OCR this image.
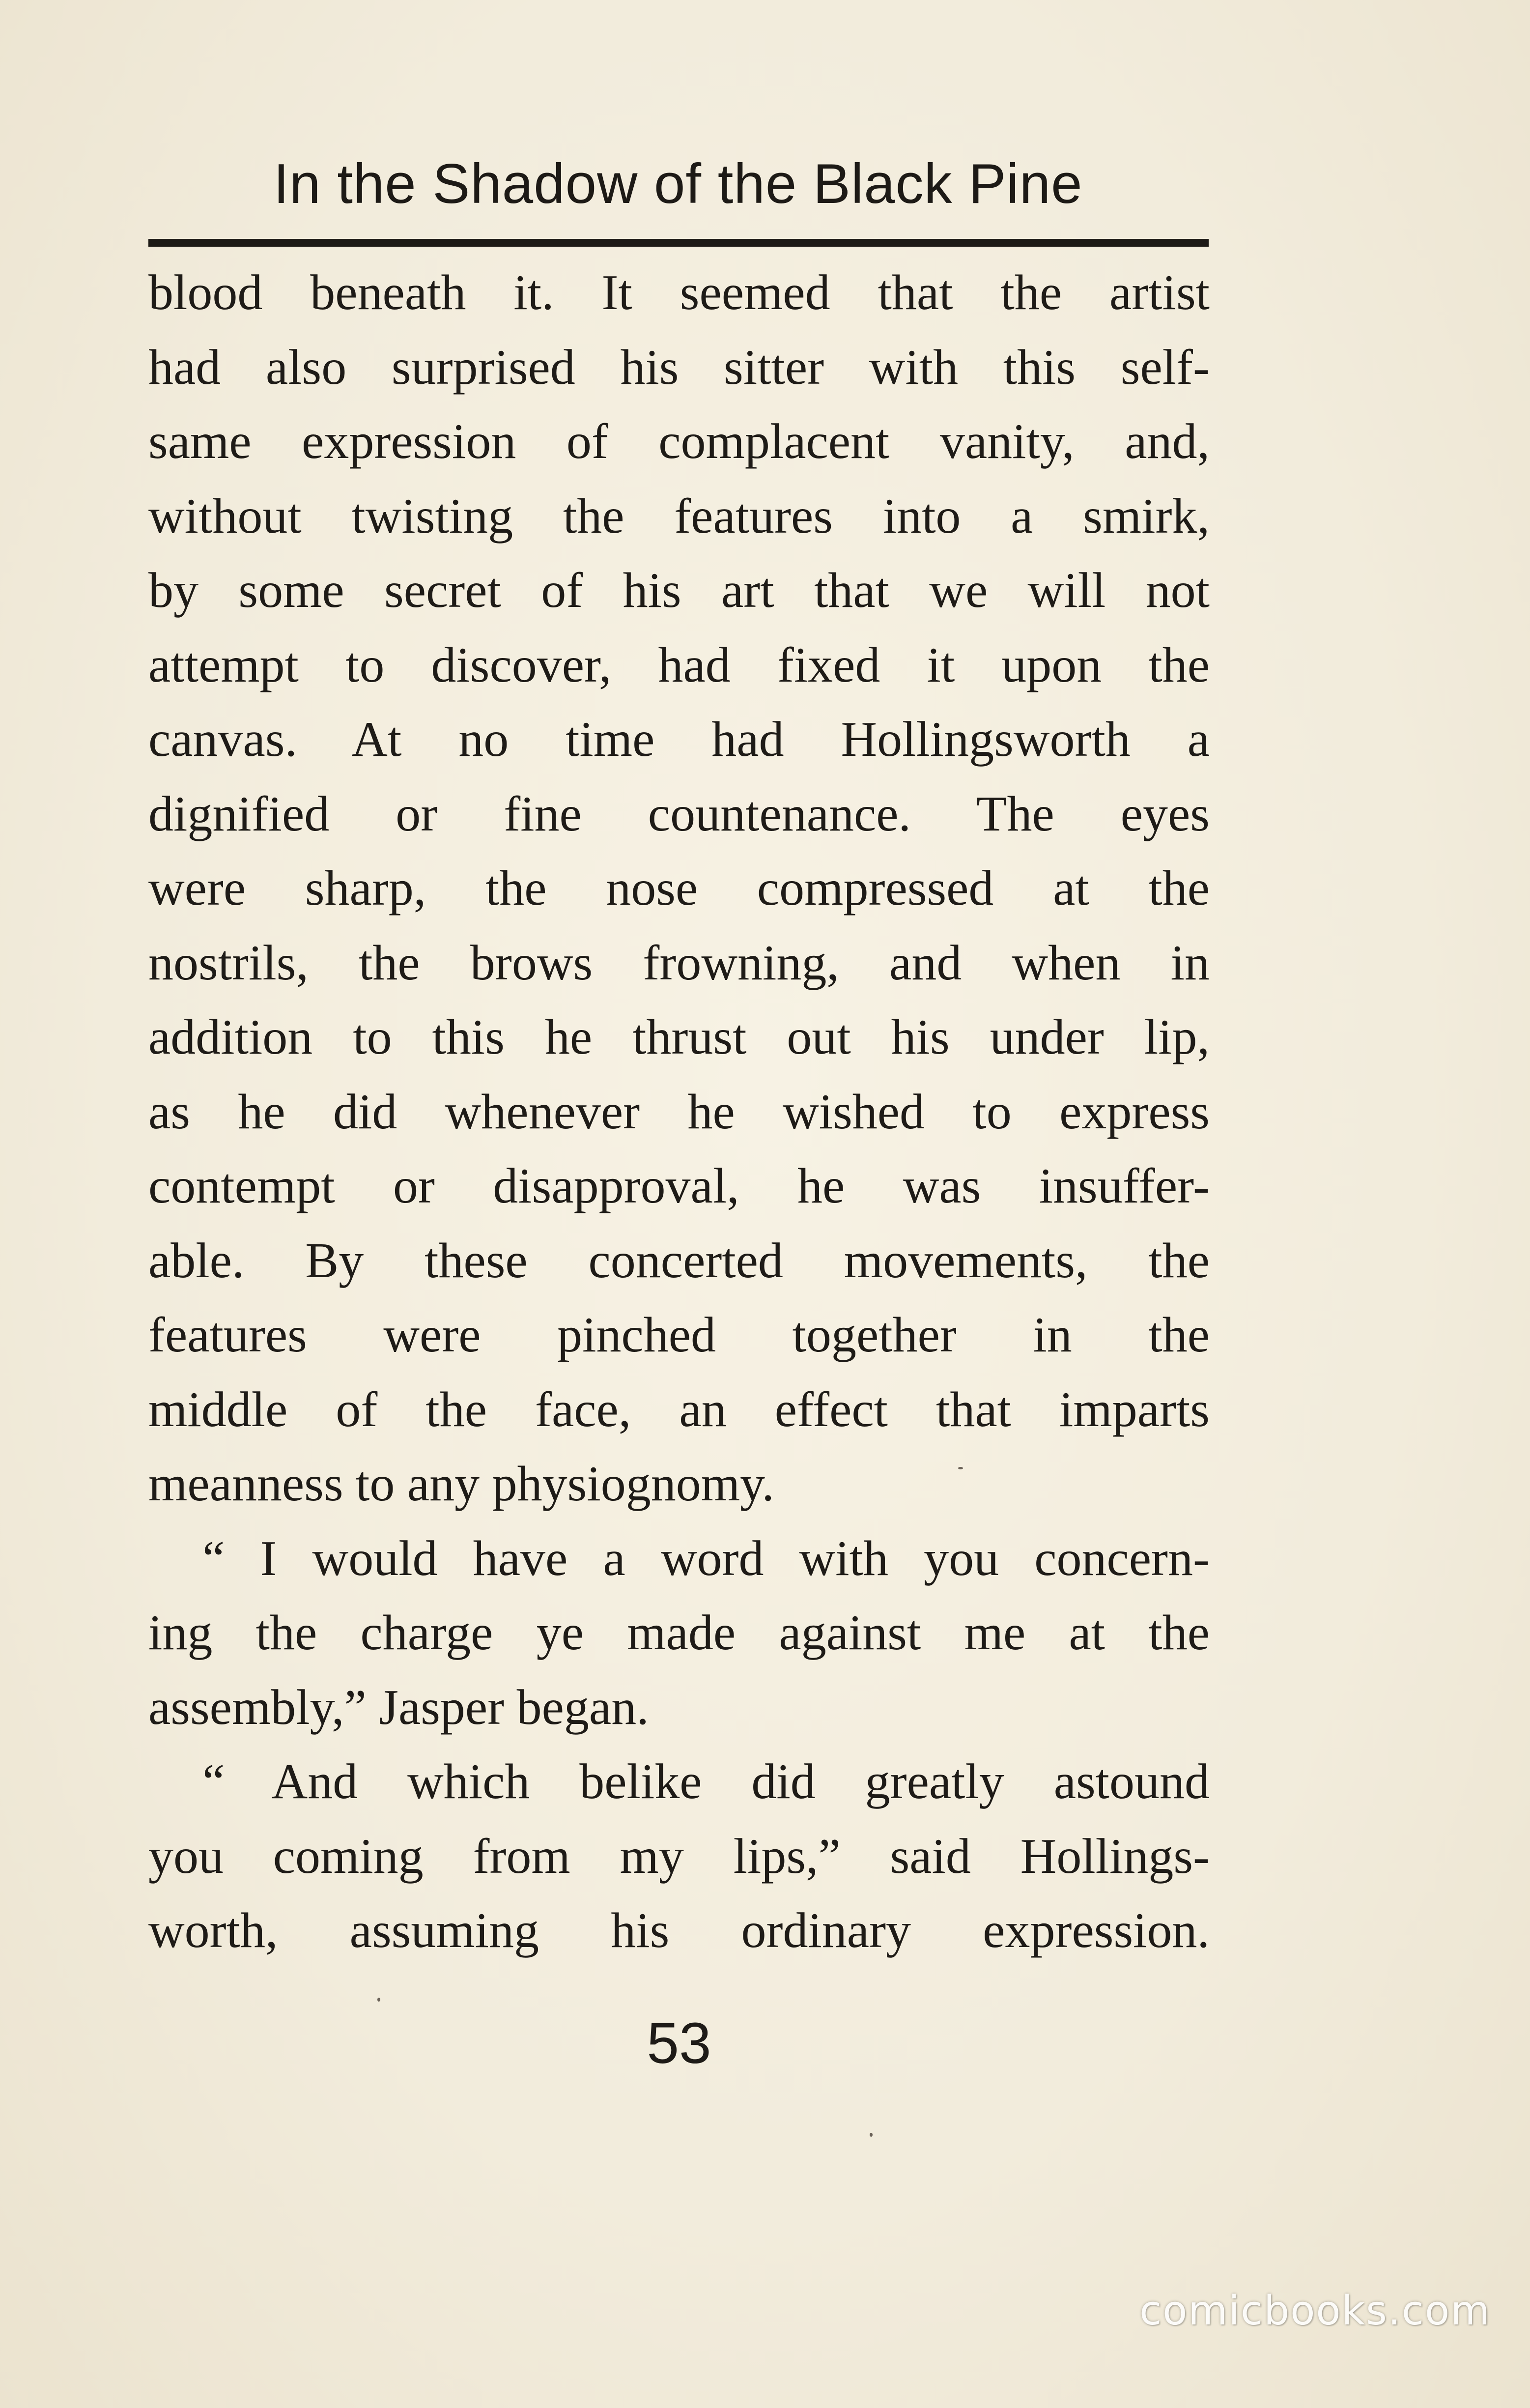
In the Shadow of the Black Pine
blood beneath it. It seemed that the artist
had also surprised his sitter with this self-
same expression of complacent vanity, and,
without twisting the features into a smirk,
by some secret of his art that we will not
attempt to discover, had fixed it upon the
canvas. At no time had Hollingsworth a
dignified or fine countenance. The eyes
were sharp, the nose compressed at the
nostrils, the brows frowning, and when in
addition to this he thrust out his under lip,
as he did whenever he wished to express
contempt or disapproval, he was insuffer-
able. By these concerted movements, the
features were pinched together in the
middle of the face, an effect that imparts
meanness to any physiognomy.
“ I would have a word with you concern-
ing the charge ye made against me at the
assembly,” Jasper began.
“ And which belike did greatly astound
you coming from my lips,” said Hollings-
worth, assuming his ordinary expression.
53
comicbooks.com
